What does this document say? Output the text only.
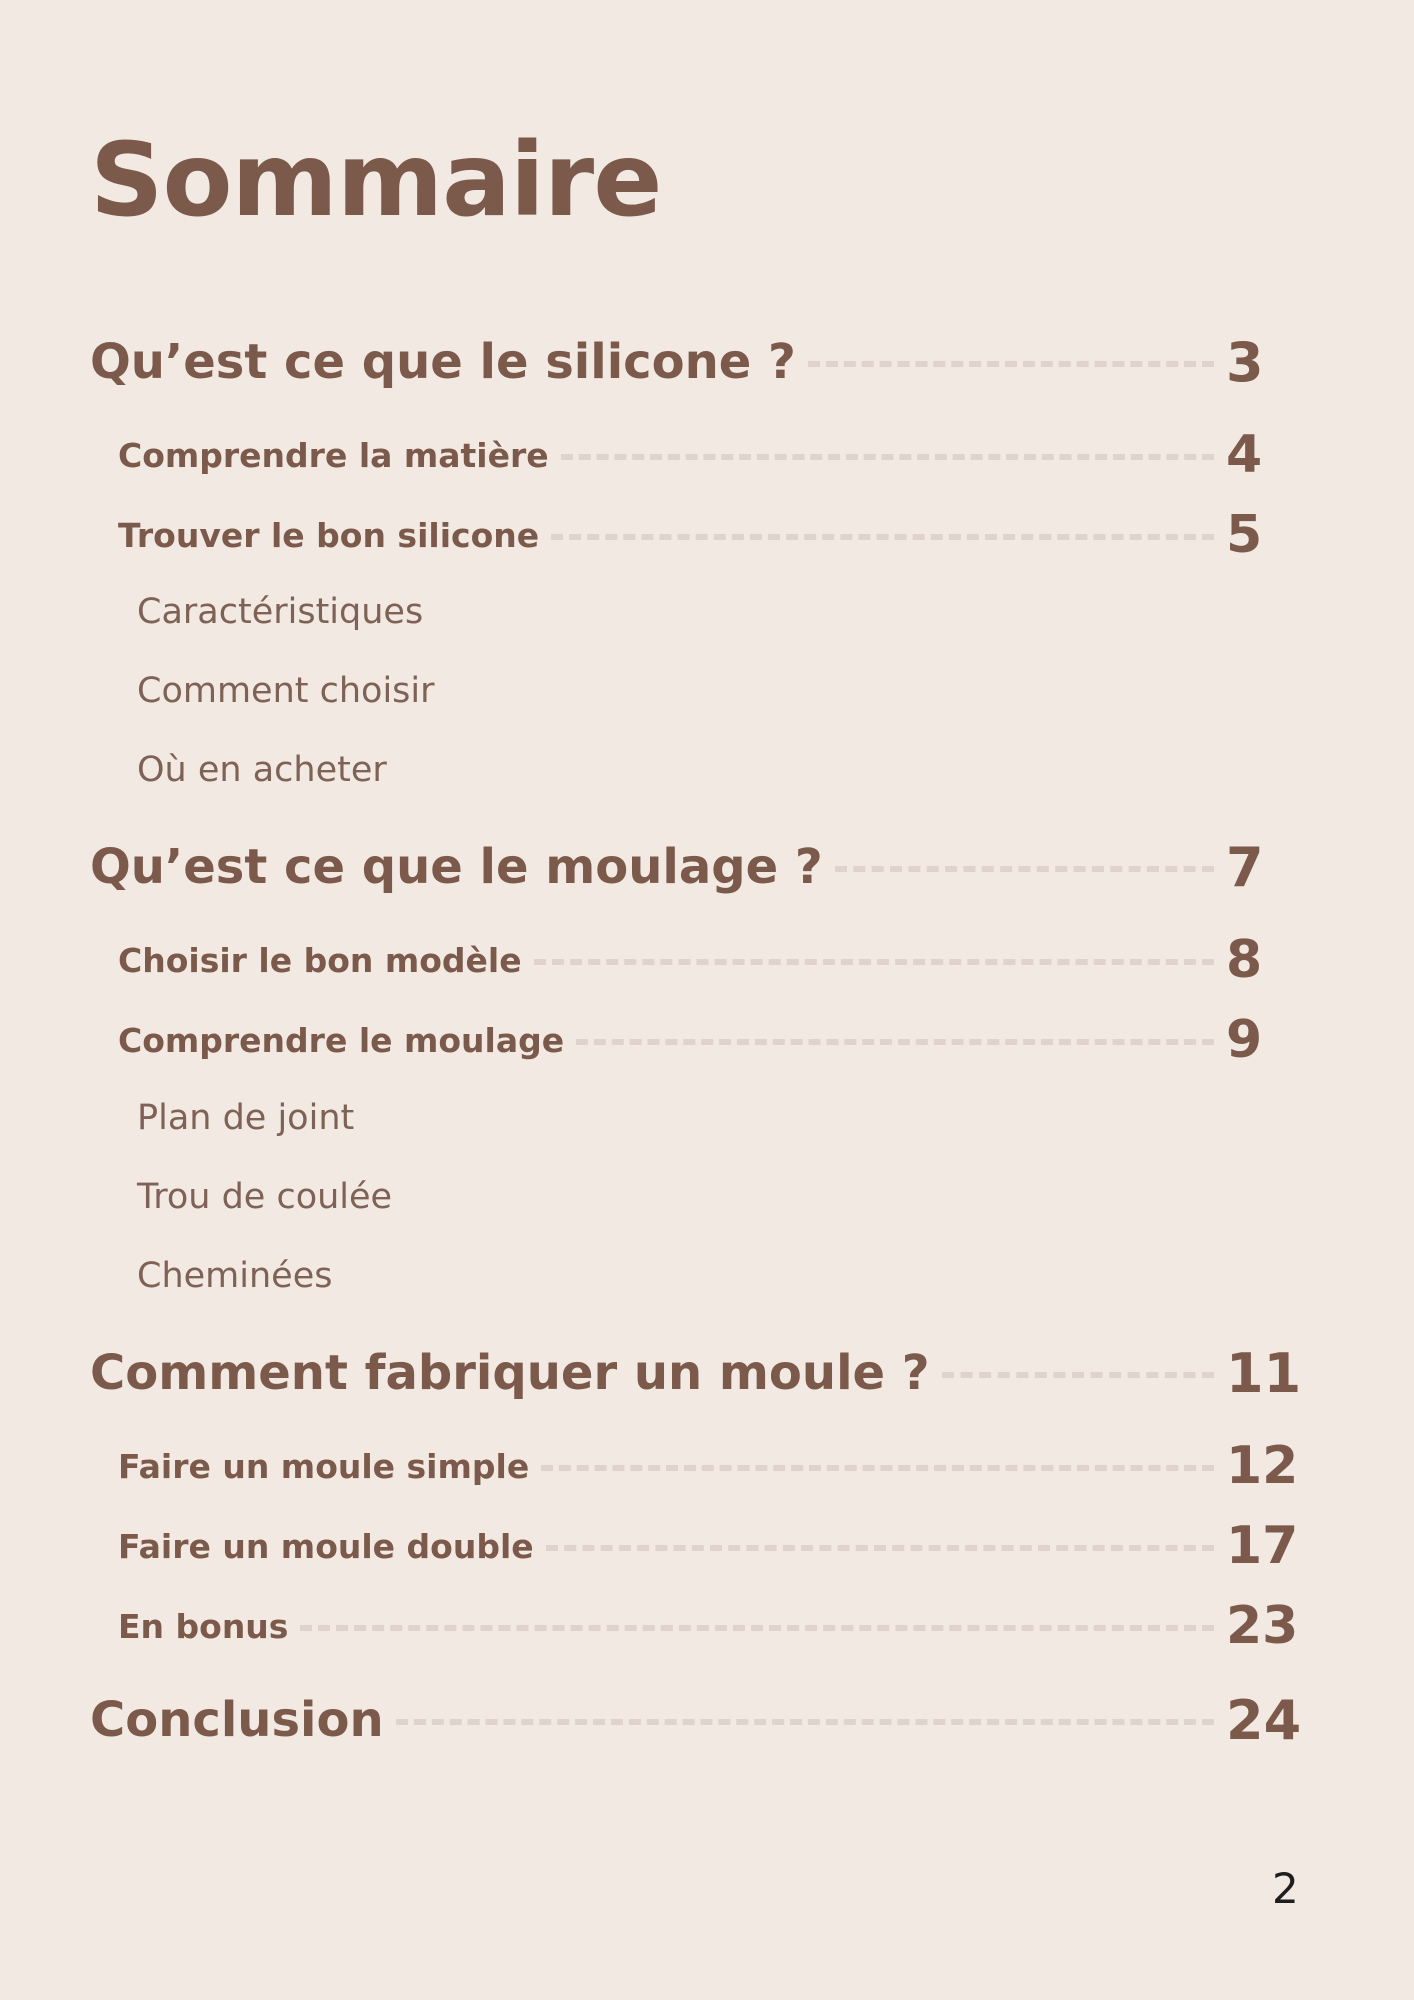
Sommaire
Qu’est ce que le silicone ?	3
Comprendre la matière	4
Trouver le bon silicone	5
Caractéristiques
Comment choisir
Où en acheter
Qu’est ce que le moulage ?	7
Choisir le bon modèle	8
Comprendre le moulage	9
Plan de joint
Trou de coulée
Cheminées
Comment fabriquer un moule ?	11
Faire un moule simple	12
Faire un moule double	17
En bonus	23
Conclusion	24
2
